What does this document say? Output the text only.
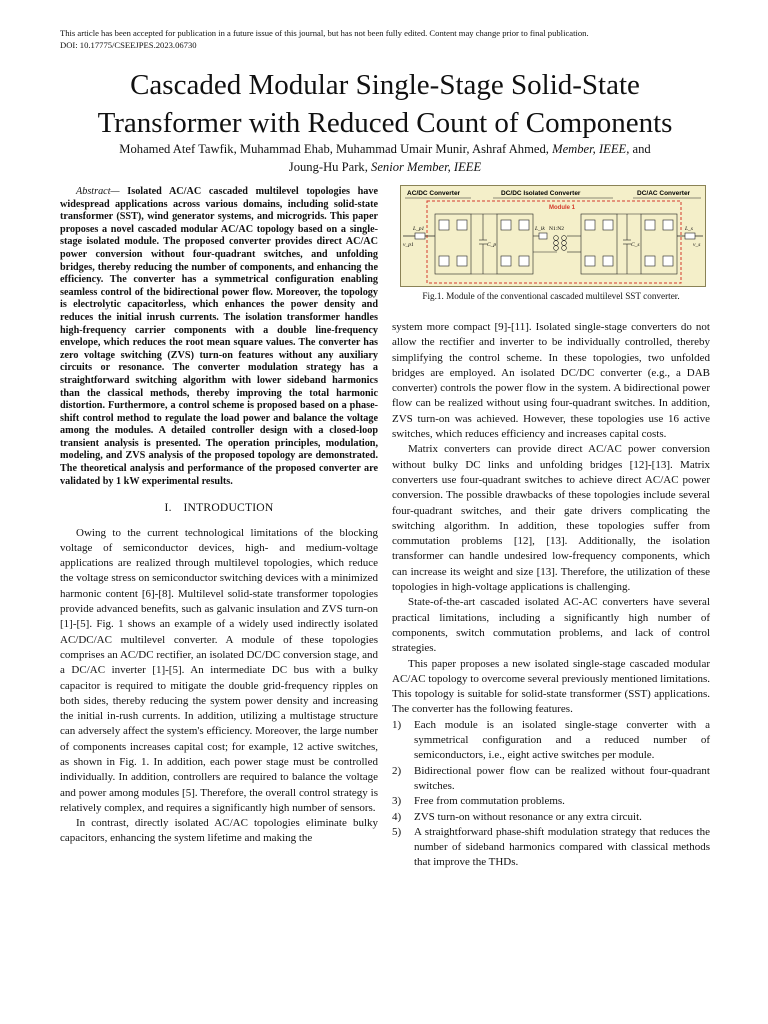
This article has been accepted for publication in a future issue of this journal, but has not been fully edited. Content may change prior to final publication.
DOI: 10.17775/CSEEJPES.2023.06730
Cascaded Modular Single-Stage Solid-State
Transformer with Reduced Count of Components
Mohamed Atef Tawfik, Muhammad Ehab, Muhammad Umair Munir, Ashraf Ahmed, Member, IEEE, and
Joung-Hu Park, Senior Member, IEEE

Abstract— Isolated AC/AC cascaded multilevel topologies have widespread applications across various domains, including solid-state transformer (SST), wind generator systems, and microgrids. This paper proposes a novel cascaded modular AC/AC topology based on a single-stage isolated module. The proposed converter provides direct AC/AC power conversion without four-quadrant switches, and unfolding bridges, thereby reducing the number of components, and enhancing the efficiency. The converter has a symmetrical configuration enabling seamless control of the bidirectional power flow. Moreover, the topology is electrolytic capacitorless, which enhances the power density and reduces the initial inrush currents. The isolation transformer handles high-frequency carrier components with a double line-frequency envelope, which reduces the root mean square values. The converter has zero voltage switching (ZVS) turn-on features without any auxiliary circuits or resonance. The converter modulation strategy has a straightforward switching algorithm with lower sideband harmonics than the classical methods, thereby improving the total harmonic distortion. Furthermore, a control scheme is proposed based on a phase-shift control method to regulate the load power and balance the voltage among the modules. A detailed controller design with a closed-loop transient analysis is presented. The operation principles, modulation, modeling, and ZVS analysis of the proposed topology are demonstrated. The theoretical analysis and performance of the proposed converter are validated by 1 kW experimental results.

I. INTRODUCTION

Owing to the current technological limitations of the blocking voltage of semiconductor devices, high- and medium-voltage applications are realized through multilevel topologies, which reduce the voltage stress on semiconductor switching devices with a minimized harmonic content [6]-[8]. Multilevel solid-state transformer topologies provide advanced benefits, such as galvanic insulation and ZVS turn-on [1]-[5]. Fig. 1 shows an example of a widely used indirectly isolated AC/DC/AC multilevel converter. A module of these topologies comprises an AC/DC rectifier, an isolated DC/DC conversion stage, and a DC/AC inverter [1]-[5]. An intermediate DC bus with a bulky capacitor is required to mitigate the double grid-frequency ripples on both sides, thereby reducing the system power density and increasing the initial in-rush currents. In addition, utilizing a multistage structure can adversely affect the system's efficiency. Moreover, the large number of components increases capital cost; for example, 12 active switches, as shown in Fig. 1. In addition, each power stage must be controlled individually. In addition, controllers are required to balance the voltage and power among modules [5]. Therefore, the overall control strategy is relatively complex, and requires a significantly high number of sensors.

In contrast, directly isolated AC/AC topologies eliminate bulky capacitors, enhancing the system lifetime and making the

AC/DC Converter	DC/DC Isolated Converter	DC/AC Converter
Module 1
L_p1
v_p1	C_p
L_lk N1:N2
C_s
L_s
v_s
Fig.1. Module of the conventional cascaded multilevel SST converter.

system more compact [9]-[11]. Isolated single-stage converters do not allow the rectifier and inverter to be individually controlled, thereby simplifying the control scheme. In these topologies, two unfolded bridges are employed. An isolated DC/DC converter (e.g., a DAB converter) controls the power flow in the system. A bidirectional power flow can be realized without using four-quadrant switches. In addition, ZVS turn-on was achieved. However, these topologies use 16 active switches, which reduces efficiency and increases capital costs.

Matrix converters can provide direct AC/AC power conversion without bulky DC links and unfolding bridges [12]-[13]. Matrix converters use four-quadrant switches to achieve direct AC/AC power conversion. The possible drawbacks of these topologies include several four-quadrant switches, and their gate drivers complicating the switching algorithm. In addition, these topologies suffer from commutation problems [12], [13]. Additionally, the isolation transformer can handle undesired low-frequency components, which can increase its weight and size [13]. Therefore, the utilization of these topologies in high-voltage applications is challenging.

State-of-the-art cascaded isolated AC-AC converters have several practical limitations, including a significantly high number of components, switch commutation problems, and lack of control strategies.

This paper proposes a new isolated single-stage cascaded modular AC/AC topology to overcome several previously mentioned limitations. This topology is suitable for solid-state transformer (SST) applications. The converter has the following features.

1) Each module is an isolated single-stage converter with a symmetrical configuration and a reduced number of semiconductors, i.e., eight active switches per module.
2) Bidirectional power flow can be realized without four-quadrant switches.
3) Free from commutation problems.
4) ZVS turn-on without resonance or any extra circuit.
5) A straightforward phase-shift modulation strategy that reduces the number of sideband harmonics compared with classical methods that improve the THDs.
